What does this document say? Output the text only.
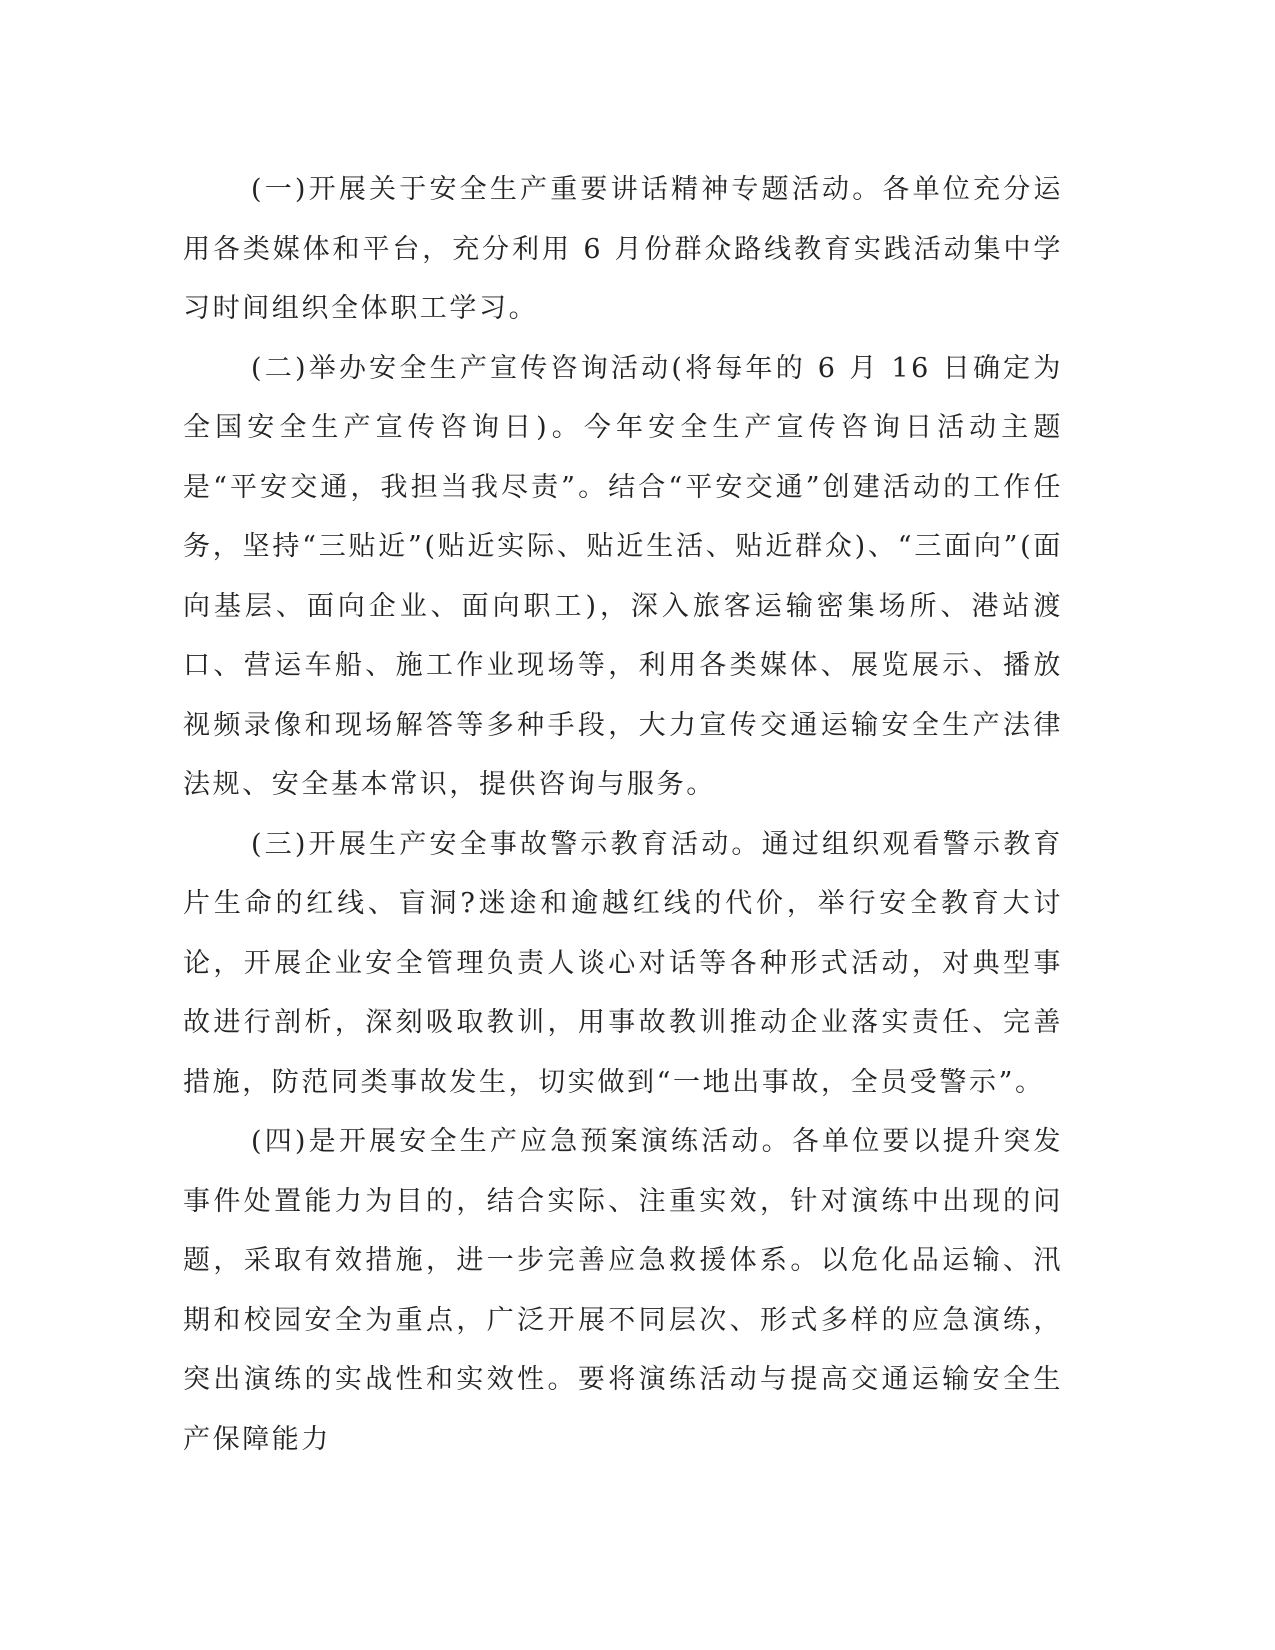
(一)开展关于安全生产重要讲话精神专题活动。各单位充分运用各类媒体和平台，充分利用 6 月份群众路线教育实践活动集中学习时间组织全体职工学习。

(二)举办安全生产宣传咨询活动(将每年的 6 月 16 日确定为全国安全生产宣传咨询日)。今年安全生产宣传咨询日活动主题是“平安交通，我担当我尽责”。结合“平安交通”创建活动的工作任务，坚持“三贴近”(贴近实际、贴近生活、贴近群众)、“三面向”(面向基层、面向企业、面向职工)，深入旅客运输密集场所、港站渡口、营运车船、施工作业现场等，利用各类媒体、展览展示、播放视频录像和现场解答等多种手段，大力宣传交通运输安全生产法律法规、安全基本常识，提供咨询与服务。

(三)开展生产安全事故警示教育活动。通过组织观看警示教育片生命的红线、盲洞?迷途和逾越红线的代价，举行安全教育大讨论，开展企业安全管理负责人谈心对话等各种形式活动，对典型事故进行剖析，深刻吸取教训，用事故教训推动企业落实责任、完善措施，防范同类事故发生，切实做到“一地出事故，全员受警示”。

(四)是开展安全生产应急预案演练活动。各单位要以提升突发事件处置能力为目的，结合实际、注重实效，针对演练中出现的问题，采取有效措施，进一步完善应急救援体系。以危化品运输、汛期和校园安全为重点，广泛开展不同层次、形式多样的应急演练，突出演练的实战性和实效性。要将演练活动与提高交通运输安全生产保障能力
